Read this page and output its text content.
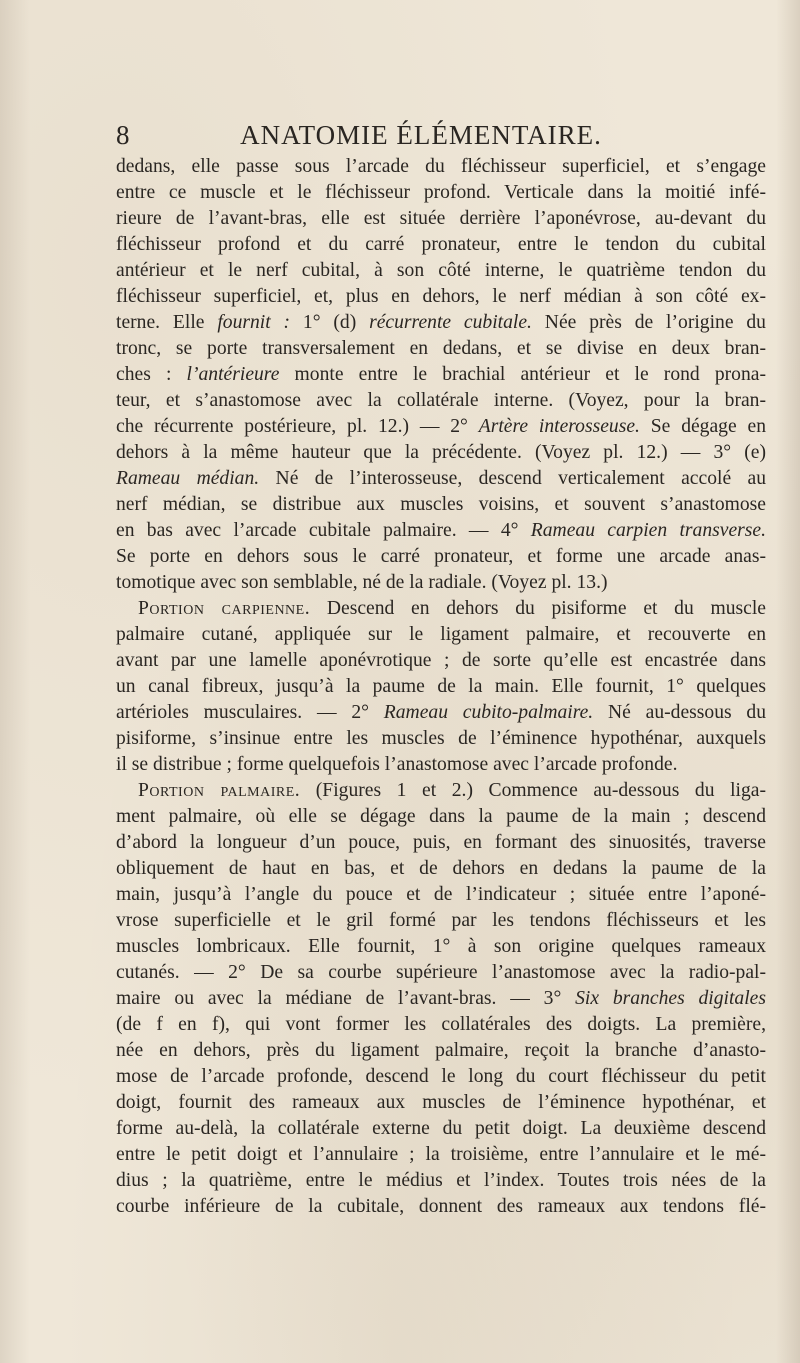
8	ANATOMIE ÉLÉMENTAIRE.
dedans, elle passe sous l’arcade du fléchisseur superficiel, et s’engage
entre ce muscle et le fléchisseur profond. Verticale dans la moitié infé-
rieure de l’avant-bras, elle est située derrière l’aponévrose, au-devant du
fléchisseur profond et du carré pronateur, entre le tendon du cubital
antérieur et le nerf cubital, à son côté interne, le quatrième tendon du
fléchisseur superficiel, et, plus en dehors, le nerf médian à son côté ex-
terne. Elle fournit : 1° (d) récurrente cubitale. Née près de l’origine du
tronc, se porte transversalement en dedans, et se divise en deux bran-
ches : l’antérieure monte entre le brachial antérieur et le rond prona-
teur, et s’anastomose avec la collatérale interne. (Voyez, pour la bran-
che récurrente postérieure, pl. 12.) — 2° Artère interosseuse. Se dégage en
dehors à la même hauteur que la précédente. (Voyez pl. 12.) — 3° (e)
Rameau médian. Né de l’interosseuse, descend verticalement accolé au
nerf médian, se distribue aux muscles voisins, et souvent s’anastomose
en bas avec l’arcade cubitale palmaire. — 4° Rameau carpien transverse.
Se porte en dehors sous le carré pronateur, et forme une arcade anas-
tomotique avec son semblable, né de la radiale. (Voyez pl. 13.)
Portion carpienne. Descend en dehors du pisiforme et du muscle
palmaire cutané, appliquée sur le ligament palmaire, et recouverte en
avant par une lamelle aponévrotique ; de sorte qu’elle est encastrée dans
un canal fibreux, jusqu’à la paume de la main. Elle fournit, 1° quelques
artérioles musculaires. — 2° Rameau cubito-palmaire. Né au-dessous du
pisiforme, s’insinue entre les muscles de l’éminence hypothénar, auxquels
il se distribue ; forme quelquefois l’anastomose avec l’arcade profonde.
Portion palmaire. (Figures 1 et 2.) Commence au-dessous du liga-
ment palmaire, où elle se dégage dans la paume de la main ; descend
d’abord la longueur d’un pouce, puis, en formant des sinuosités, traverse
obliquement de haut en bas, et de dehors en dedans la paume de la
main, jusqu’à l’angle du pouce et de l’indicateur ; située entre l’aponé-
vrose superficielle et le gril formé par les tendons fléchisseurs et les
muscles lombricaux. Elle fournit, 1° à son origine quelques rameaux
cutanés. — 2° De sa courbe supérieure l’anastomose avec la radio-pal-
maire ou avec la médiane de l’avant-bras. — 3° Six branches digitales
(de f en f), qui vont former les collatérales des doigts. La première,
née en dehors, près du ligament palmaire, reçoit la branche d’anasto-
mose de l’arcade profonde, descend le long du court fléchisseur du petit
doigt, fournit des rameaux aux muscles de l’éminence hypothénar, et
forme au-delà, la collatérale externe du petit doigt. La deuxième descend
entre le petit doigt et l’annulaire ; la troisième, entre l’annulaire et le mé-
dius ; la quatrième, entre le médius et l’index. Toutes trois nées de la
courbe inférieure de la cubitale, donnent des rameaux aux tendons flé-
